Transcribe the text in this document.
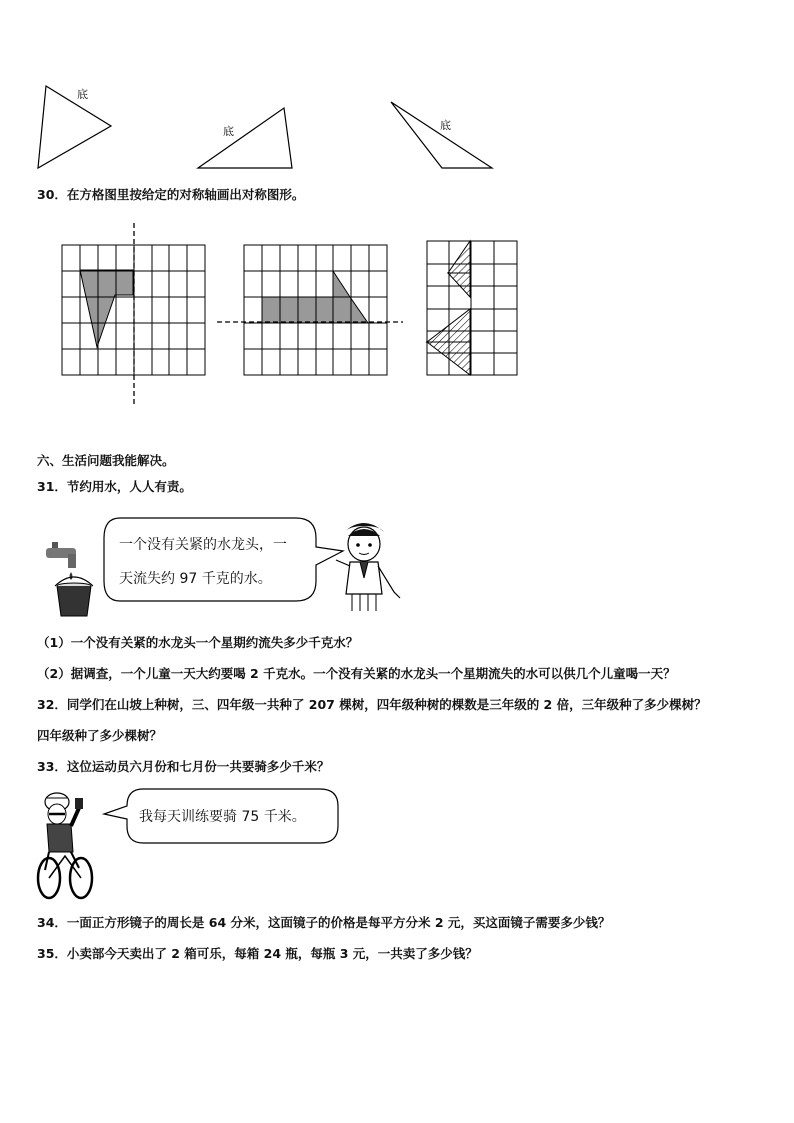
底
底	底
30．在方格图里按给定的对称轴画出对称图形。
六、生活问题我能解决。
31．节约用水，人人有责。
一个没有关紧的水龙头，一
天流失约 97 千克的水。
（1）一个没有关紧的水龙头一个星期约流失多少千克水？
（2）据调查，一个儿童一天大约要喝 2 千克水。一个没有关紧的水龙头一个星期流失的水可以供几个儿童喝一天？
32．同学们在山坡上种树，三、四年级一共种了 207 棵树，四年级种树的棵数是三年级的 2 倍，三年级种了多少棵树？
四年级种了多少棵树？
33．这位运动员六月份和七月份一共要骑多少千米？
我每天训练要骑 75 千米。
34．一面正方形镜子的周长是 64 分米，这面镜子的价格是每平方分米 2 元，买这面镜子需要多少钱？
35．小卖部今天卖出了 2 箱可乐，每箱 24 瓶，每瓶 3 元，一共卖了多少钱？
